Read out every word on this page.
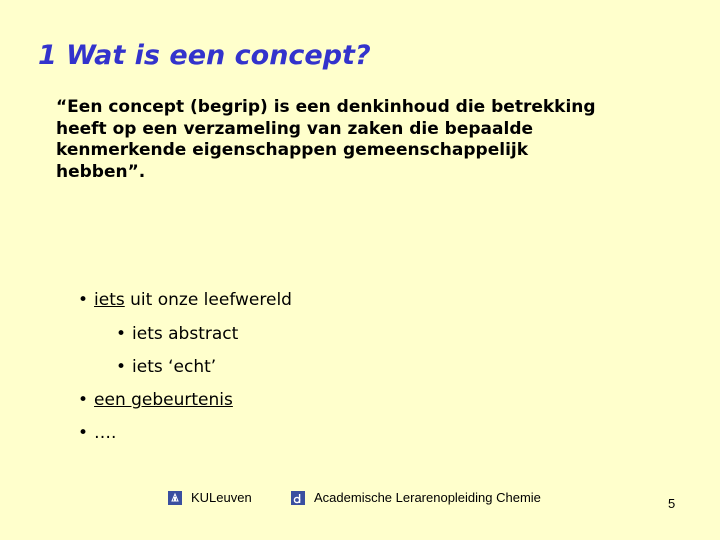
1 Wat is een concept?
“Een concept (begrip) is een denkinhoud die betrekking
heeft op een verzameling van zaken die bepaalde
kenmerkende eigenschappen gemeenschappelijk
hebben”.
• iets uit onze leefwereld
• iets abstract
• iets ‘echt’
• een gebeurtenis
• ….
KULeuven	Academische Lerarenopleiding Chemie	5
